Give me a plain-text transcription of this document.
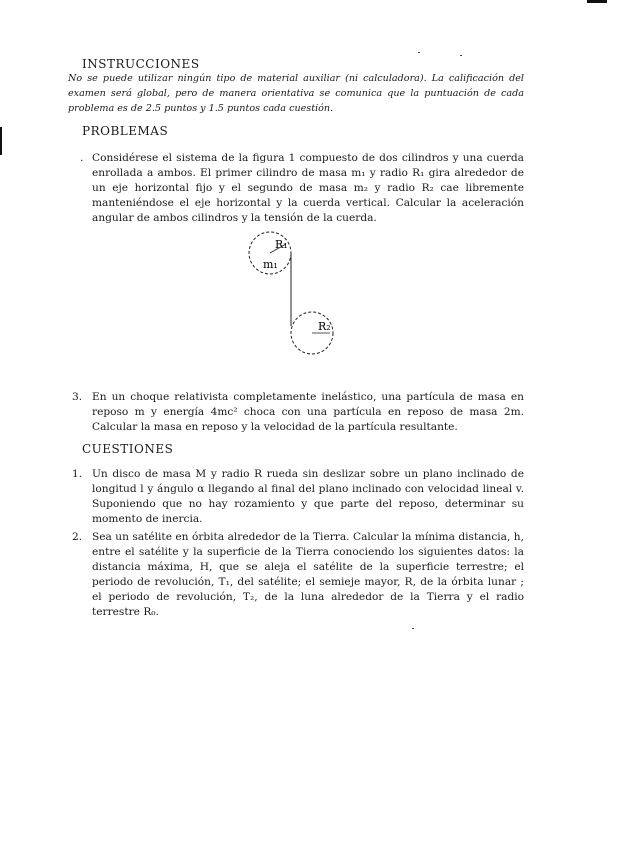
INSTRUCCIONES
No se puede utilizar ningún tipo de material auxiliar (ni calculadora). La calificación del examen será global, pero de manera orientativa se comunica que la puntuación de cada problema es de 2.5 puntos y 1.5 puntos cada cuestión.
PROBLEMAS
. Considérese el sistema de la figura 1 compuesto de dos cilindros y una cuerda enrollada a ambos. El primer cilindro de masa m₁ y radio R₁ gira alrededor de un eje horizontal fijo y el segundo de masa m₂ y radio R₂ cae libremente manteniéndose el eje horizontal y la cuerda vertical. Calcular la aceleración angular de ambos cilindros y la tensión de la cuerda.
R₁
m₁
R₂
3. En un choque relativista completamente inelástico, una partícula de masa en reposo m y energía 4mc² choca con una partícula en reposo de masa 2m. Calcular la masa en reposo y la velocidad de la partícula resultante.
CUESTIONES
1. Un disco de masa M y radio R rueda sin deslizar sobre un plano inclinado de longitud l y ángulo α llegando al final del plano inclinado con velocidad lineal v. Suponiendo que no hay rozamiento y que parte del reposo, determinar su momento de inercia.
2. Sea un satélite en órbita alrededor de la Tierra. Calcular la mínima distancia, h, entre el satélite y la superficie de la Tierra conociendo los siguientes datos: la distancia máxima, H, que se aleja el satélite de la superficie terrestre; el periodo de revolución, T₁, del satélite; el semieje mayor, R, de la órbita lunar ; el periodo de revolución, T₂, de la luna alrededor de la Tierra y el radio terrestre R₀.
